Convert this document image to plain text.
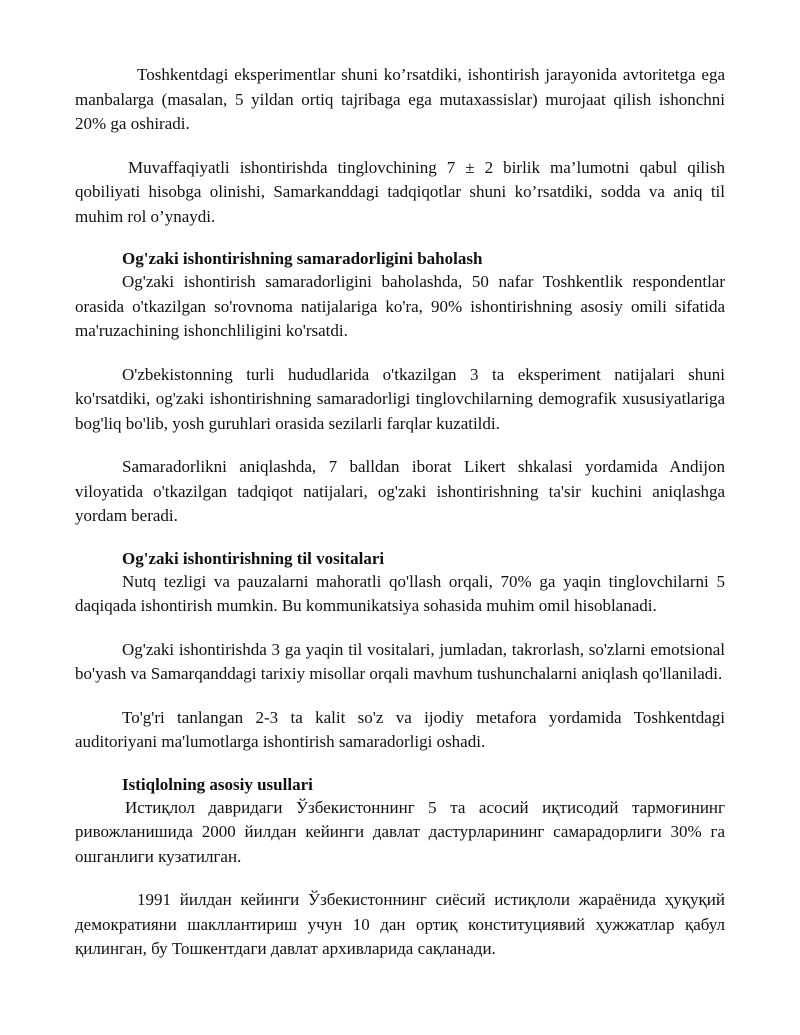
Toshkentdagi eksperimentlar shuni ko’rsatdiki, ishontirish jarayonida avtoritetga ega manbalarga (masalan, 5 yildan ortiq tajribaga ega mutaxassislar) murojaat qilish ishonchni 20% ga oshiradi.

Muvaffaqiyatli ishontirishda tinglovchining 7 ± 2 birlik ma’lumotni qabul qilish qobiliyati hisobga olinishi, Samarkanddagi tadqiqotlar shuni ko’rsatdiki, sodda va aniq til muhim rol o’ynaydi.

Og'zaki ishontirishning samaradorligini baholash

Og'zaki ishontirish samaradorligini baholashda, 50 nafar Toshkentlik respondentlar orasida o'tkazilgan so'rovnoma natijalariga ko'ra, 90% ishontirishning asosiy omili sifatida ma'ruzachining ishonchliligini ko'rsatdi.

O'zbekistonning turli hududlarida o'tkazilgan 3 ta eksperiment natijalari shuni ko'rsatdiki, og'zaki ishontirishning samaradorligi tinglovchilarning demografik xususiyatlariga bog'liq bo'lib, yosh guruhlari orasida sezilarli farqlar kuzatildi.

Samaradorlikni aniqlashda, 7 balldan iborat Likert shkalasi yordamida Andijon viloyatida o'tkazilgan tadqiqot natijalari, og'zaki ishontirishning ta'sir kuchini aniqlashga yordam beradi.

Og'zaki ishontirishning til vositalari

Nutq tezligi va pauzalarni mahoratli qo'llash orqali, 70% ga yaqin tinglovchilarni 5 daqiqada ishontirish mumkin. Bu kommunikatsiya sohasida muhim omil hisoblanadi.

Og'zaki ishontirishda 3 ga yaqin til vositalari, jumladan, takrorlash, so'zlarni emotsional bo'yash va Samarqanddagi tarixiy misollar orqali mavhum tushunchalarni aniqlash qo'llaniladi.

To'g'ri tanlangan 2-3 ta kalit so'z va ijodiy metafora yordamida Toshkentdagi auditoriyani ma'lumotlarga ishontirish samaradorligi oshadi.

Istiqlolning asosiy usullari

Истиқлол давридаги Ўзбекистоннинг 5 та асосий иқтисодий тармоғининг ривожланишида 2000 йилдан кейинги давлат дастурларининг самарадорлиги 30% га ошганлиги кузатилган.

1991 йилдан кейинги Ўзбекистоннинг сиёсий истиқлоли жараёнида ҳуқуқий демократияни шакллантириш учун 10 дан ортиқ конституциявий ҳужжатлар қабул қилинган, бу Тошкентдаги давлат архивларида сақланади.
